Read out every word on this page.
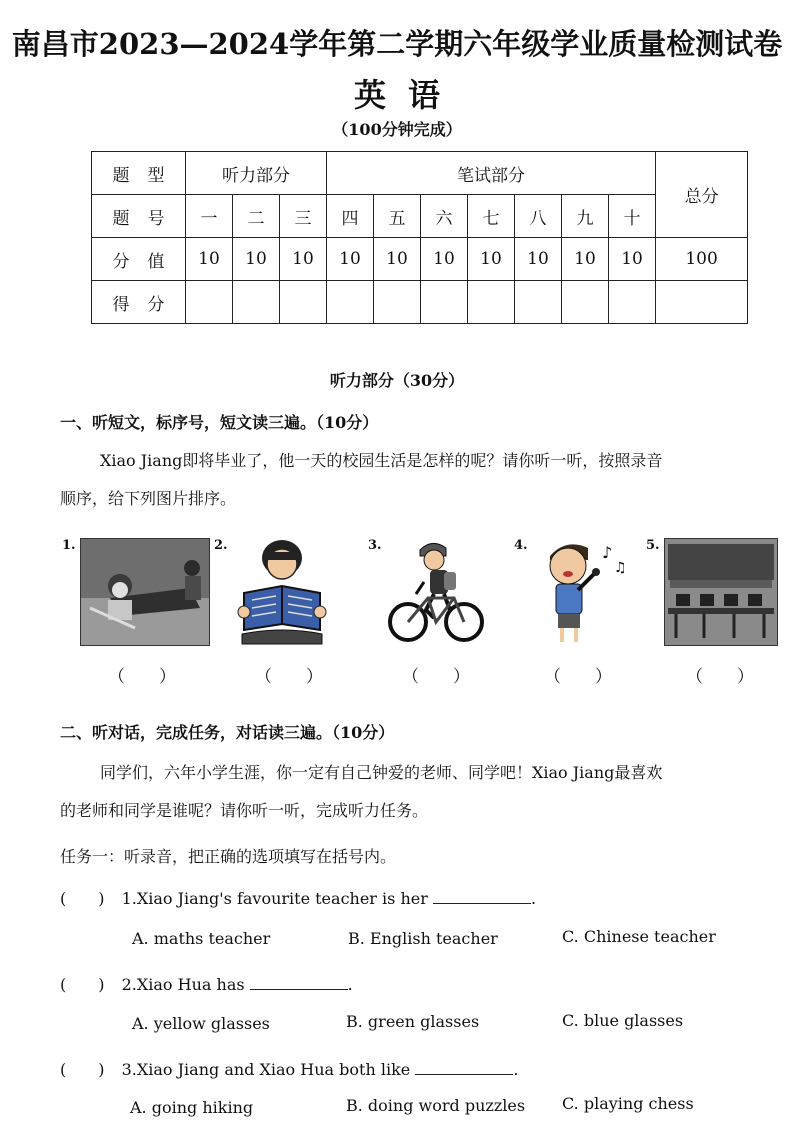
南昌市2023—2024学年第二学期六年级学业质量检测试卷
英语
（100分钟完成）
题型	听力部分			笔试部分							总分
题号	一	二	三	四	五	六	七	八	九	十	
分值	10	10	10	10	10	10	10	10	10	10	100
得分											
听力部分（30分）
一、听短文，标序号，短文读三遍。（10分）
Xiao Jiang即将毕业了，他一天的校园生活是怎样的呢？请你听一听，按照录音
顺序，给下列图片排序。
1.	2.	3.	4.	♪
♫
5.
（　　）	（　　）	（　　）	（　　）	（　　）
二、听对话，完成任务，对话读三遍。（10分）
同学们，六年小学生涯，你一定有自己钟爱的老师、同学吧！Xiao Jiang最喜欢
的老师和同学是谁呢？请你听一听，完成听力任务。
任务一：听录音，把正确的选项填写在括号内。
(　　) 1.Xiao Jiang's favourite teacher is her	.
A. maths teacher	B. English teacher	C. Chinese teacher
(　　) 2.Xiao Hua has	.
A. yellow glasses	B. green glasses	C. blue glasses
(　　) 3.Xiao Jiang and Xiao Hua both like	.
A. going hiking	B. doing word puzzles C. playing chess
